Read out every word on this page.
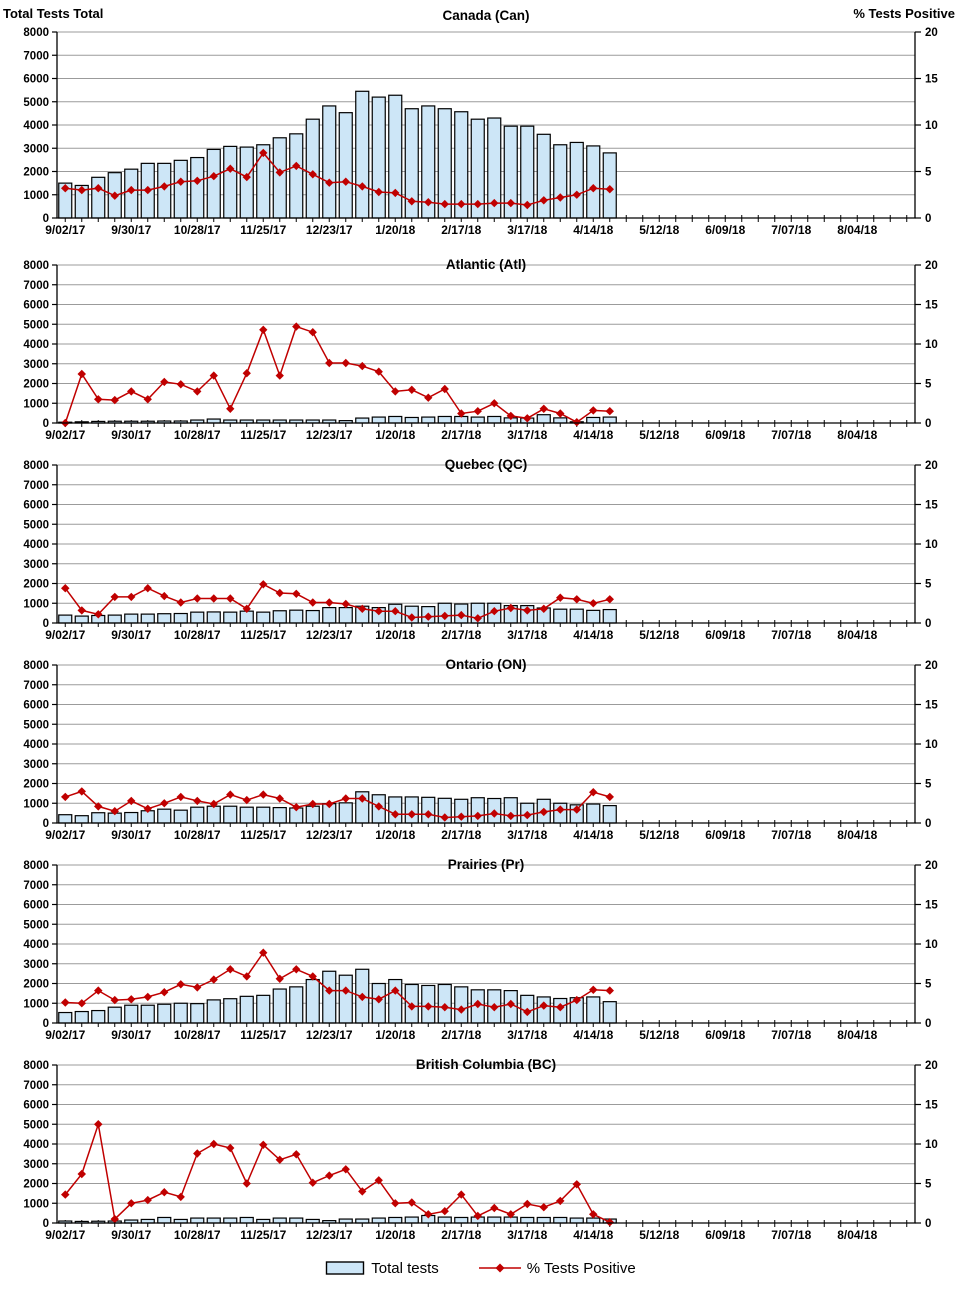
Total Tests Total	% Tests Positive
0
1000
2000
3000
4000
5000
6000
7000
8000
0
5
10
15
20
9/02/17 9/30/17 10/28/17 11/25/17 12/23/17 1/20/18 2/17/18 3/17/18 4/14/18 5/12/18 6/09/18 7/07/18 8/04/18
Canada (Can)
0
1000
2000
3000
4000
5000
6000
7000
8000
0
5
10
15
20
9/02/17 9/30/17 10/28/17 11/25/17 12/23/17 1/20/18 2/17/18 3/17/18 4/14/18 5/12/18 6/09/18 7/07/18 8/04/18
Atlantic (Atl)
0
1000
2000
3000
4000
5000
6000
7000
8000
0
5
10
15
20
9/02/17 9/30/17 10/28/17 11/25/17 12/23/17 1/20/18 2/17/18 3/17/18 4/14/18 5/12/18 6/09/18 7/07/18 8/04/18
Quebec (QC)
0
1000
2000
3000
4000
5000
6000
7000
8000
0
5
10
15
20
9/02/17 9/30/17 10/28/17 11/25/17 12/23/17 1/20/18 2/17/18 3/17/18 4/14/18 5/12/18 6/09/18 7/07/18 8/04/18
Ontario (ON)
0
1000
2000
3000
4000
5000
6000
7000
8000
0
5
10
15
20
9/02/17 9/30/17 10/28/17 11/25/17 12/23/17 1/20/18 2/17/18 3/17/18 4/14/18 5/12/18 6/09/18 7/07/18 8/04/18
Prairies (Pr)
0
1000
2000
3000
4000
5000
6000
7000
8000
0
5
10
15
20
9/02/17 9/30/17 10/28/17 11/25/17 12/23/17 1/20/18 2/17/18 3/17/18 4/14/18 5/12/18 6/09/18 7/07/18 8/04/18
British Columbia (BC)
Total tests	% Tests Positive
